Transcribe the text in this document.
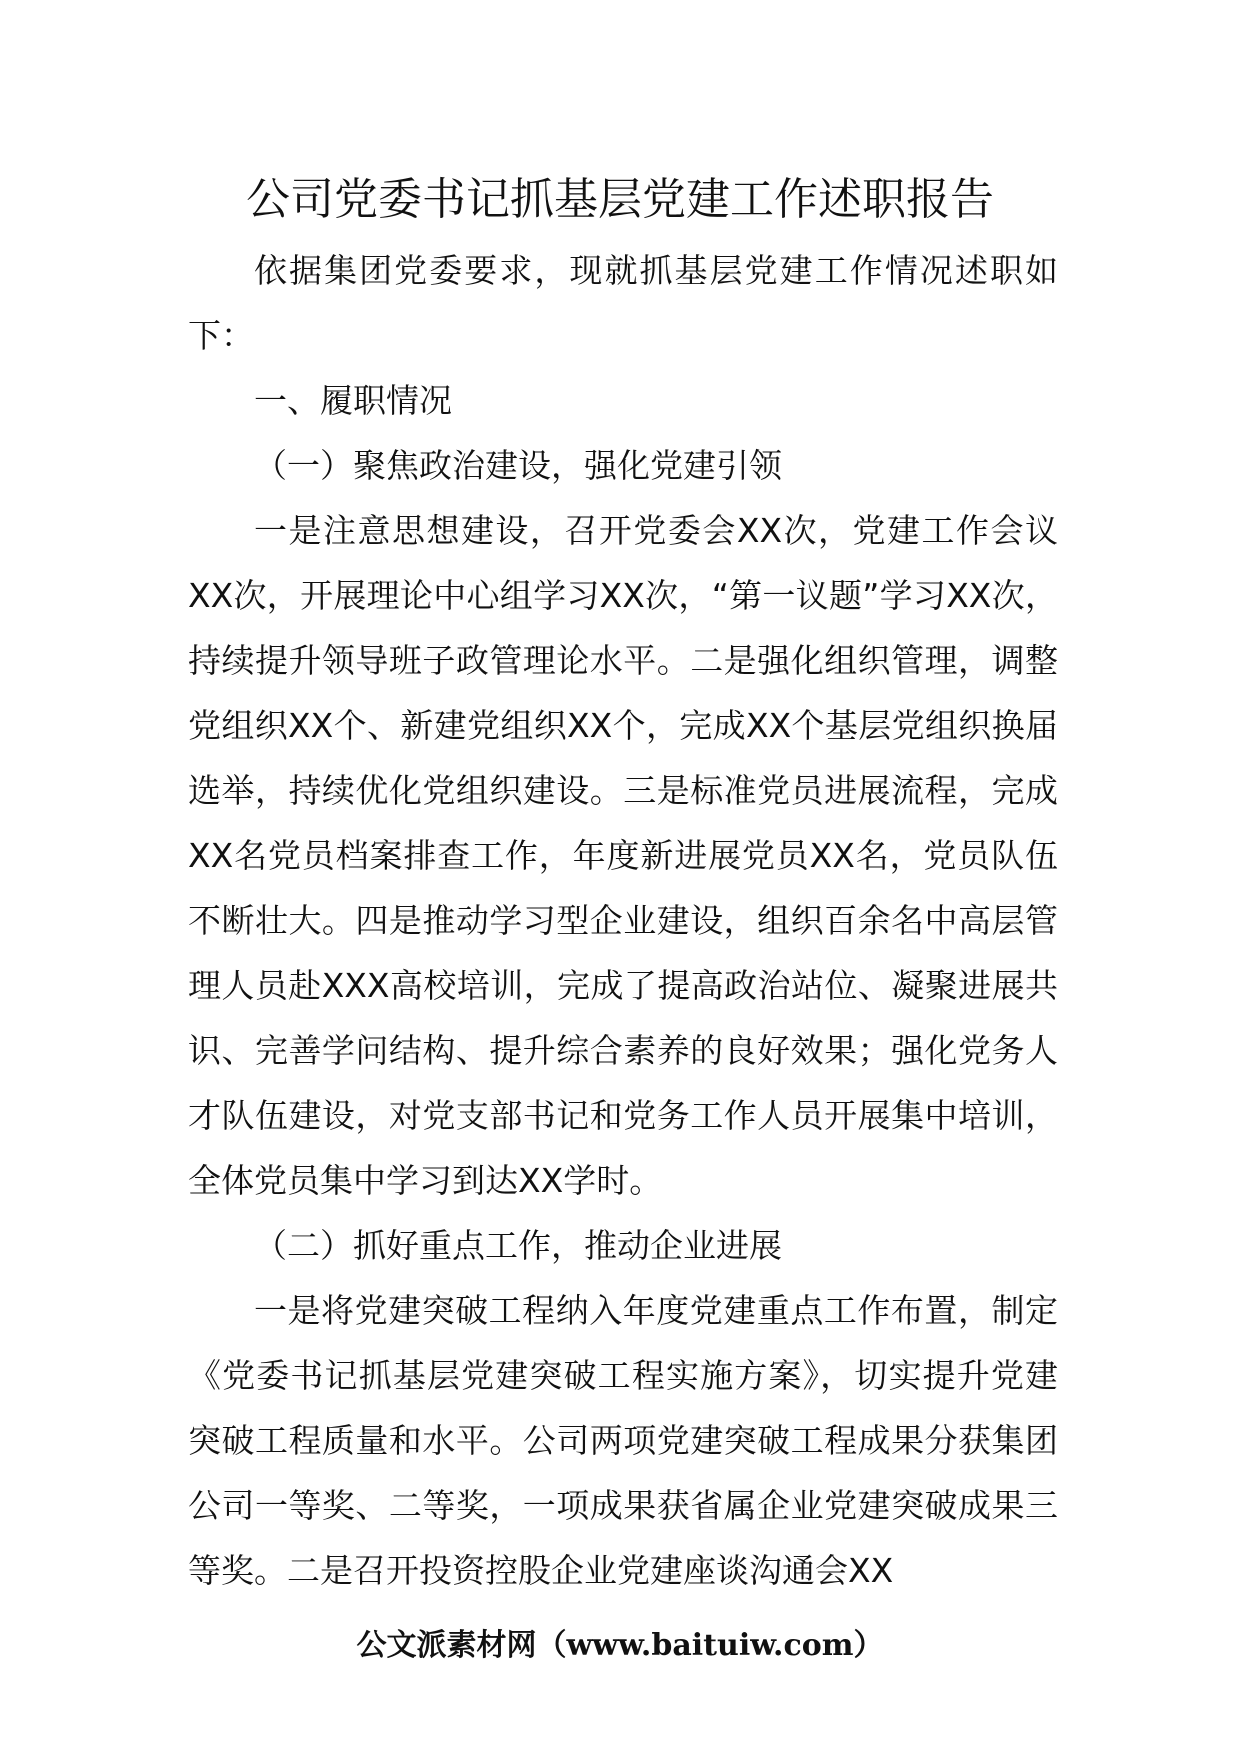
公司党委书记抓基层党建工作述职报告

依据集团党委要求，现就抓基层党建工作情况述职如下：

一、履职情况

（一）聚焦政治建设，强化党建引领

一是注意思想建设，召开党委会XX次，党建工作会议XX次，开展理论中心组学习XX次，“第一议题”学习XX次，持续提升领导班子政管理论水平。二是强化组织管理，调整党组织XX个、新建党组织XX个，完成XX个基层党组织换届选举，持续优化党组织建设。三是标准党员进展流程，完成XX名党员档案排查工作，年度新进展党员XX名，党员队伍不断壮大。四是推动学习型企业建设，组织百余名中高层管理人员赴XXX高校培训，完成了提高政治站位、凝聚进展共识、完善学问结构、提升综合素养的良好效果；强化党务人才队伍建设，对党支部书记和党务工作人员开展集中培训，全体党员集中学习到达XX学时。

（二）抓好重点工作，推动企业进展

一是将党建突破工程纳入年度党建重点工作布置，制定《党委书记抓基层党建突破工程实施方案》，切实提升党建突破工程质量和水平。公司两项党建突破工程成果分获集团公司一等奖、二等奖，一项成果获省属企业党建突破成果三等奖。二是召开投资控股企业党建座谈沟通会XX

公文派素材网（www.baituiw.com）
